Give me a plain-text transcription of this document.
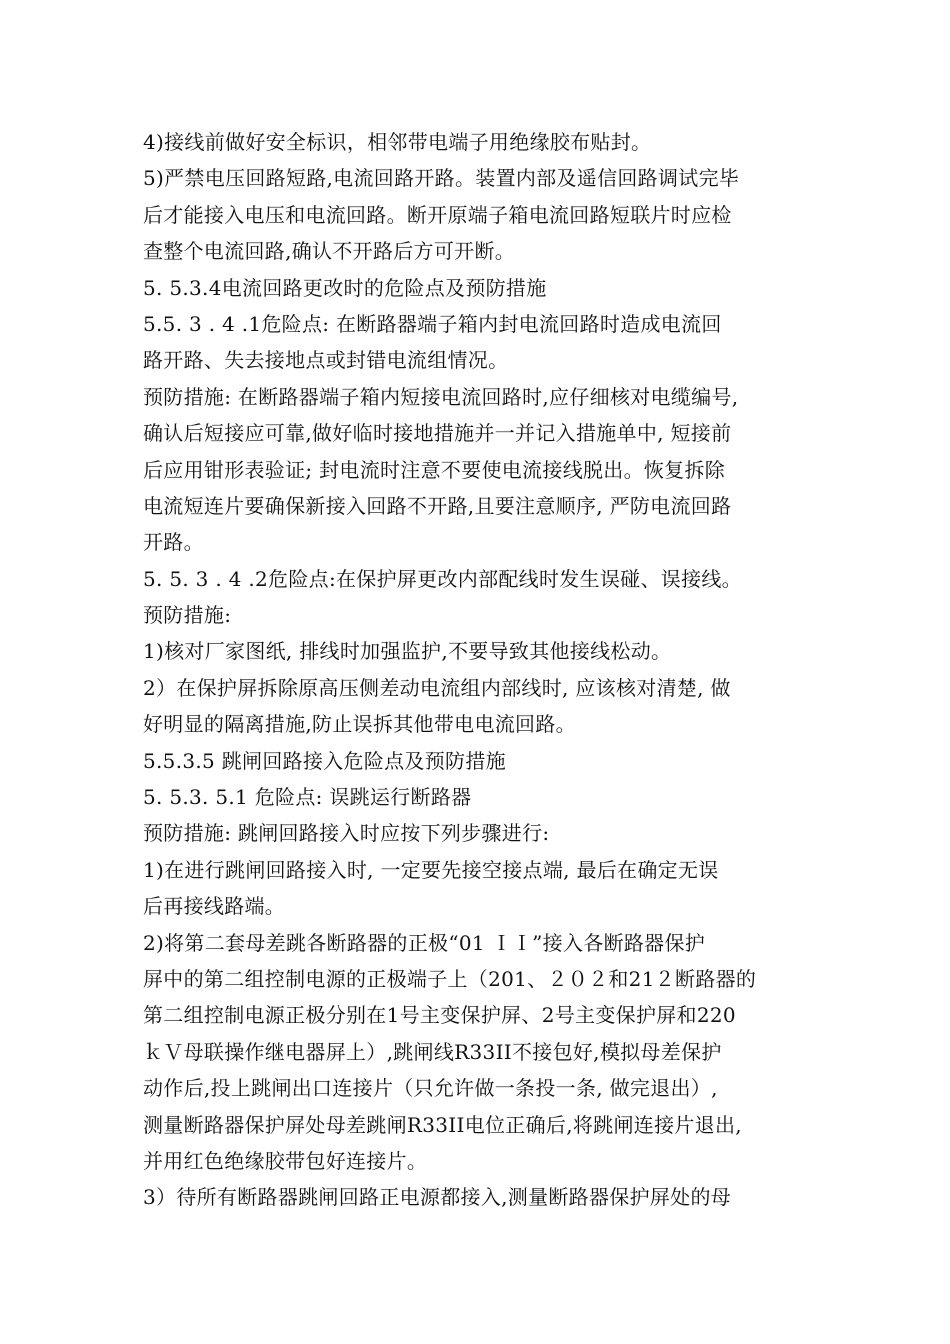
4)接线前做好安全标识，相邻带电端子用绝缘胶布贴封。
5)严禁电压回路短路,电流回路开路。装置内部及遥信回路调试完毕
后才能接入电压和电流回路。断开原端子箱电流回路短联片时应检
查整个电流回路,确认不开路后方可开断。
5. 5.3.4电流回路更改时的危险点及预防措施
5.5. 3 . 4 .1危险点: 在断路器端子箱内封电流回路时造成电流回
路开路、失去接地点或封错电流组情况。
预防措施: 在断路器端子箱内短接电流回路时,应仔细核对电缆编号,
确认后短接应可靠,做好临时接地措施并一并记入措施单中, 短接前
后应用钳形表验证; 封电流时注意不要使电流接线脱出。恢复拆除
电流短连片要确保新接入回路不开路,且要注意顺序, 严防电流回路
开路。
5. 5. 3 . 4 .2危险点:在保护屏更改内部配线时发生误碰、误接线。
预防措施:
1)核对厂家图纸, 排线时加强监护,不要导致其他接线松动。
2）在保护屏拆除原高压侧差动电流组内部线时, 应该核对清楚, 做
好明显的隔离措施,防止误拆其他带电电流回路。
5.5.3.5 跳闸回路接入危险点及预防措施
5. 5.3. 5.1 危险点: 误跳运行断路器
预防措施: 跳闸回路接入时应按下列步骤进行:
1)在进行跳闸回路接入时, 一定要先接空接点端, 最后在确定无误
后再接线路端。
2)将第二套母差跳各断路器的正极“01 ＩＩ”接入各断路器保护
屏中的第二组控制电源的正极端子上（201、２０２和21２断路器的
第二组控制电源正极分别在1号主变保护屏、2号主变保护屏和220
ｋＶ母联操作继电器屏上）,跳闸线R33II不接包好,模拟母差保护
动作后,投上跳闸出口连接片（只允许做一条投一条, 做完退出）,
测量断路器保护屏处母差跳闸R33II电位正确后,将跳闸连接片退出,
并用红色绝缘胶带包好连接片。
3）待所有断路器跳闸回路正电源都接入,测量断路器保护屏处的母
